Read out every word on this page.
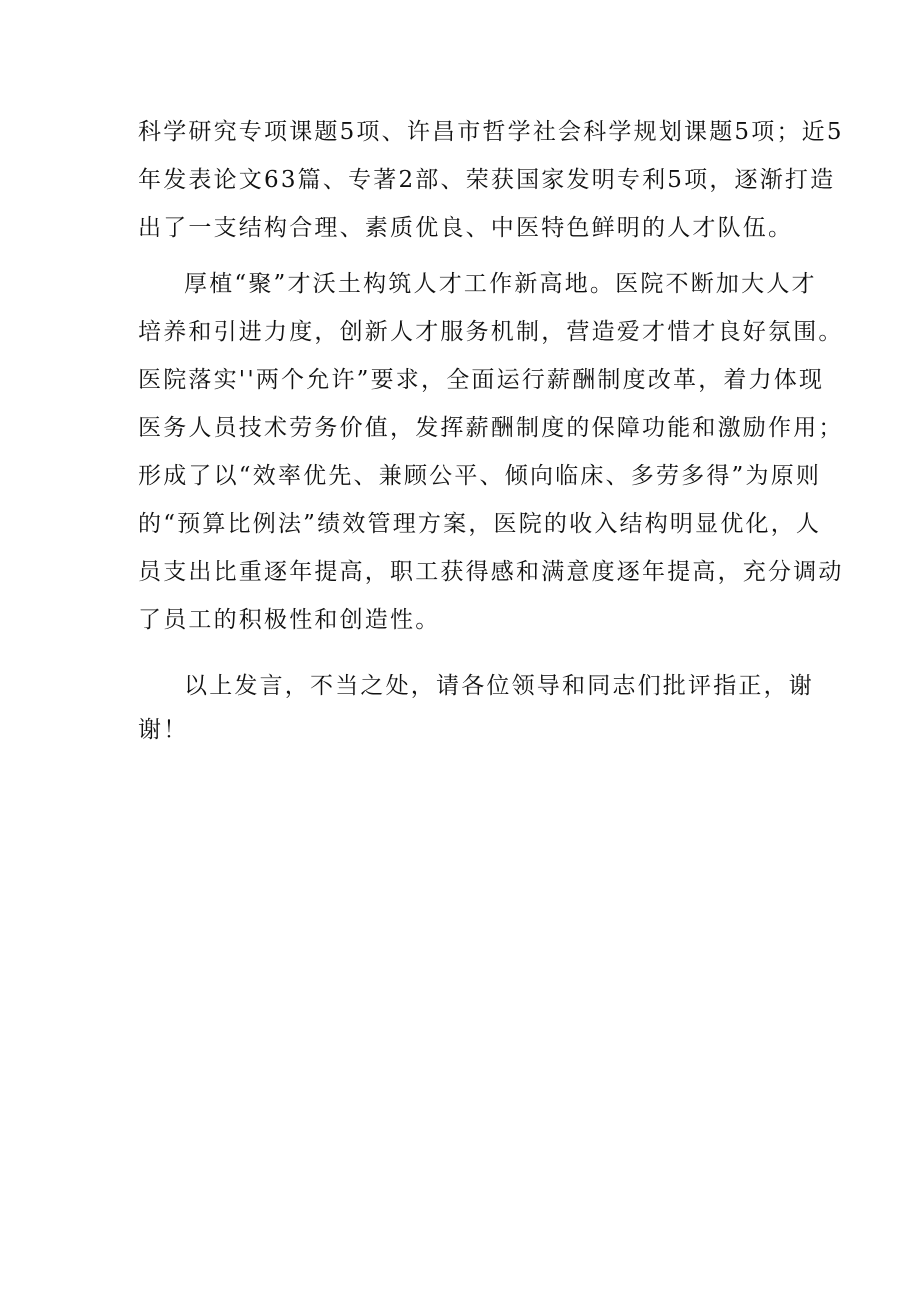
科学研究专项课题5项、许昌市哲学社会科学规划课题5项；近5
年发表论文63篇、专著2部、荣获国家发明专利5项，逐渐打造
出了一支结构合理、素质优良、中医特色鲜明的人才队伍。
厚植“聚”才沃土构筑人才工作新高地。医院不断加大人才
培养和引进力度，创新人才服务机制，营造爱才惜才良好氛围。
医院落实''两个允许”要求，全面运行薪酬制度改革，着力体现
医务人员技术劳务价值，发挥薪酬制度的保障功能和激励作用；
形成了以“效率优先、兼顾公平、倾向临床、多劳多得”为原则
的“预算比例法”绩效管理方案，医院的收入结构明显优化，人
员支出比重逐年提高，职工获得感和满意度逐年提高，充分调动
了员工的积极性和创造性。
以上发言，不当之处，请各位领导和同志们批评指正，谢
谢！
